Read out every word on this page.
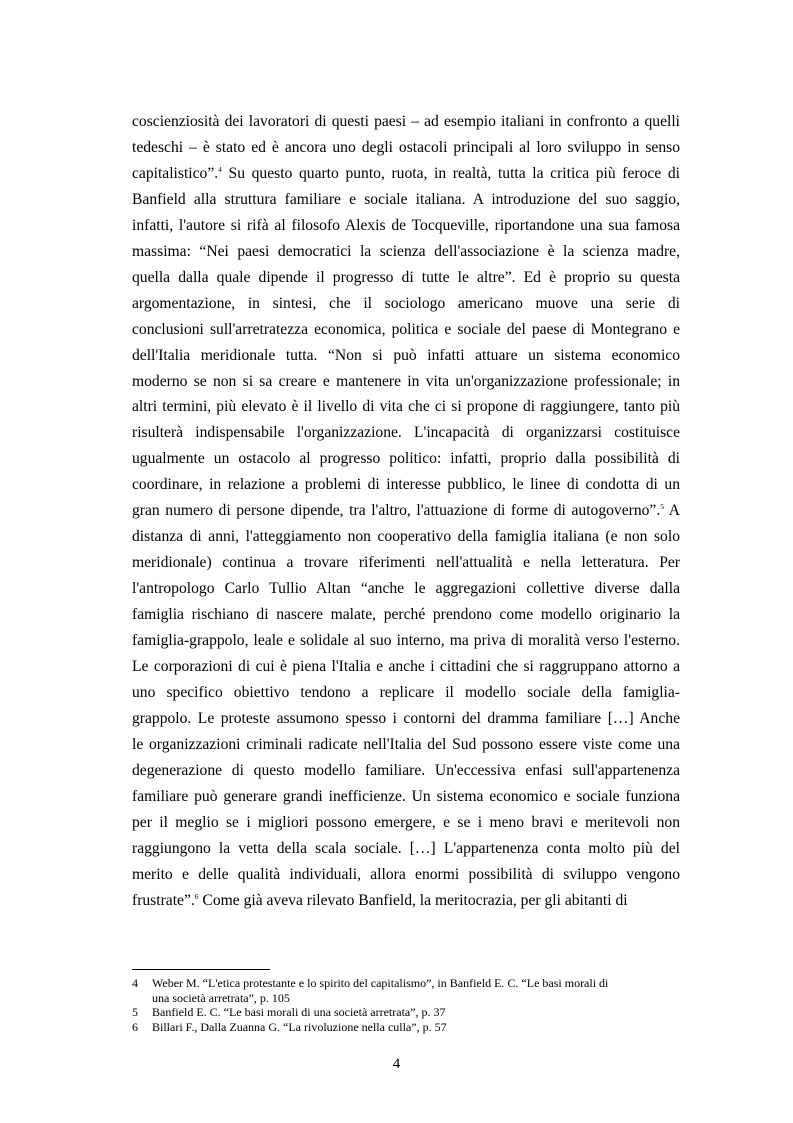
coscienziosità dei lavoratori di questi paesi – ad esempio italiani in confronto a quelli
tedeschi – è stato ed è ancora uno degli ostacoli principali al loro sviluppo in senso
capitalistico”.$^4$ Su questo quarto punto, ruota, in realtà, tutta la critica più feroce di
Banfield alla struttura familiare e sociale italiana. A introduzione del suo saggio,
infatti, l'autore si rifà al filosofo Alexis de Tocqueville, riportandone una sua famosa
massima: “Nei paesi democratici la scienza dell'associazione è la scienza madre,
quella dalla quale dipende il progresso di tutte le altre”. Ed è proprio su questa
argomentazione, in sintesi, che il sociologo americano muove una serie di
conclusioni sull'arretratezza economica, politica e sociale del paese di Montegrano e
dell'Italia meridionale tutta. “Non si può infatti attuare un sistema economico
moderno se non si sa creare e mantenere in vita un'organizzazione professionale; in
altri termini, più elevato è il livello di vita che ci si propone di raggiungere, tanto più
risulterà indispensabile l'organizzazione. L'incapacità di organizzarsi costituisce
ugualmente un ostacolo al progresso politico: infatti, proprio dalla possibilità di
coordinare, in relazione a problemi di interesse pubblico, le linee di condotta di un
gran numero di persone dipende, tra l'altro, l'attuazione di forme di autogoverno”.$^5$ A
distanza di anni, l'atteggiamento non cooperativo della famiglia italiana (e non solo
meridionale) continua a trovare riferimenti nell'attualità e nella letteratura. Per
l'antropologo Carlo Tullio Altan “anche le aggregazioni collettive diverse dalla
famiglia rischiano di nascere malate, perché prendono come modello originario la
famiglia-grappolo, leale e solidale al suo interno, ma priva di moralità verso l'esterno.
Le corporazioni di cui è piena l'Italia e anche i cittadini che si raggruppano attorno a
uno specifico obiettivo tendono a replicare il modello sociale della famiglia-
grappolo. Le proteste assumono spesso i contorni del dramma familiare […] Anche
le organizzazioni criminali radicate nell'Italia del Sud possono essere viste come una
degenerazione di questo modello familiare. Un'eccessiva enfasi sull'appartenenza
familiare può generare grandi inefficienze. Un sistema economico e sociale funziona
per il meglio se i migliori possono emergere, e se i meno bravi e meritevoli non
raggiungono la vetta della scala sociale. […] L'appartenenza conta molto più del
merito e delle qualità individuali, allora enormi possibilità di sviluppo vengono
frustrate”.$^6$ Come già aveva rilevato Banfield, la meritocrazia, per gli abitanti di
4 Weber M. “L'etica protestante e lo spirito del capitalismo”, in Banfield E. C. “Le basi morali di
una società arretrata”, p. 105
5 Banfield E. C. “Le basi morali di una società arretrata”, p. 37
6 Billari F., Dalla Zuanna G. “La rivoluzione nella culla”, p. 57
4
